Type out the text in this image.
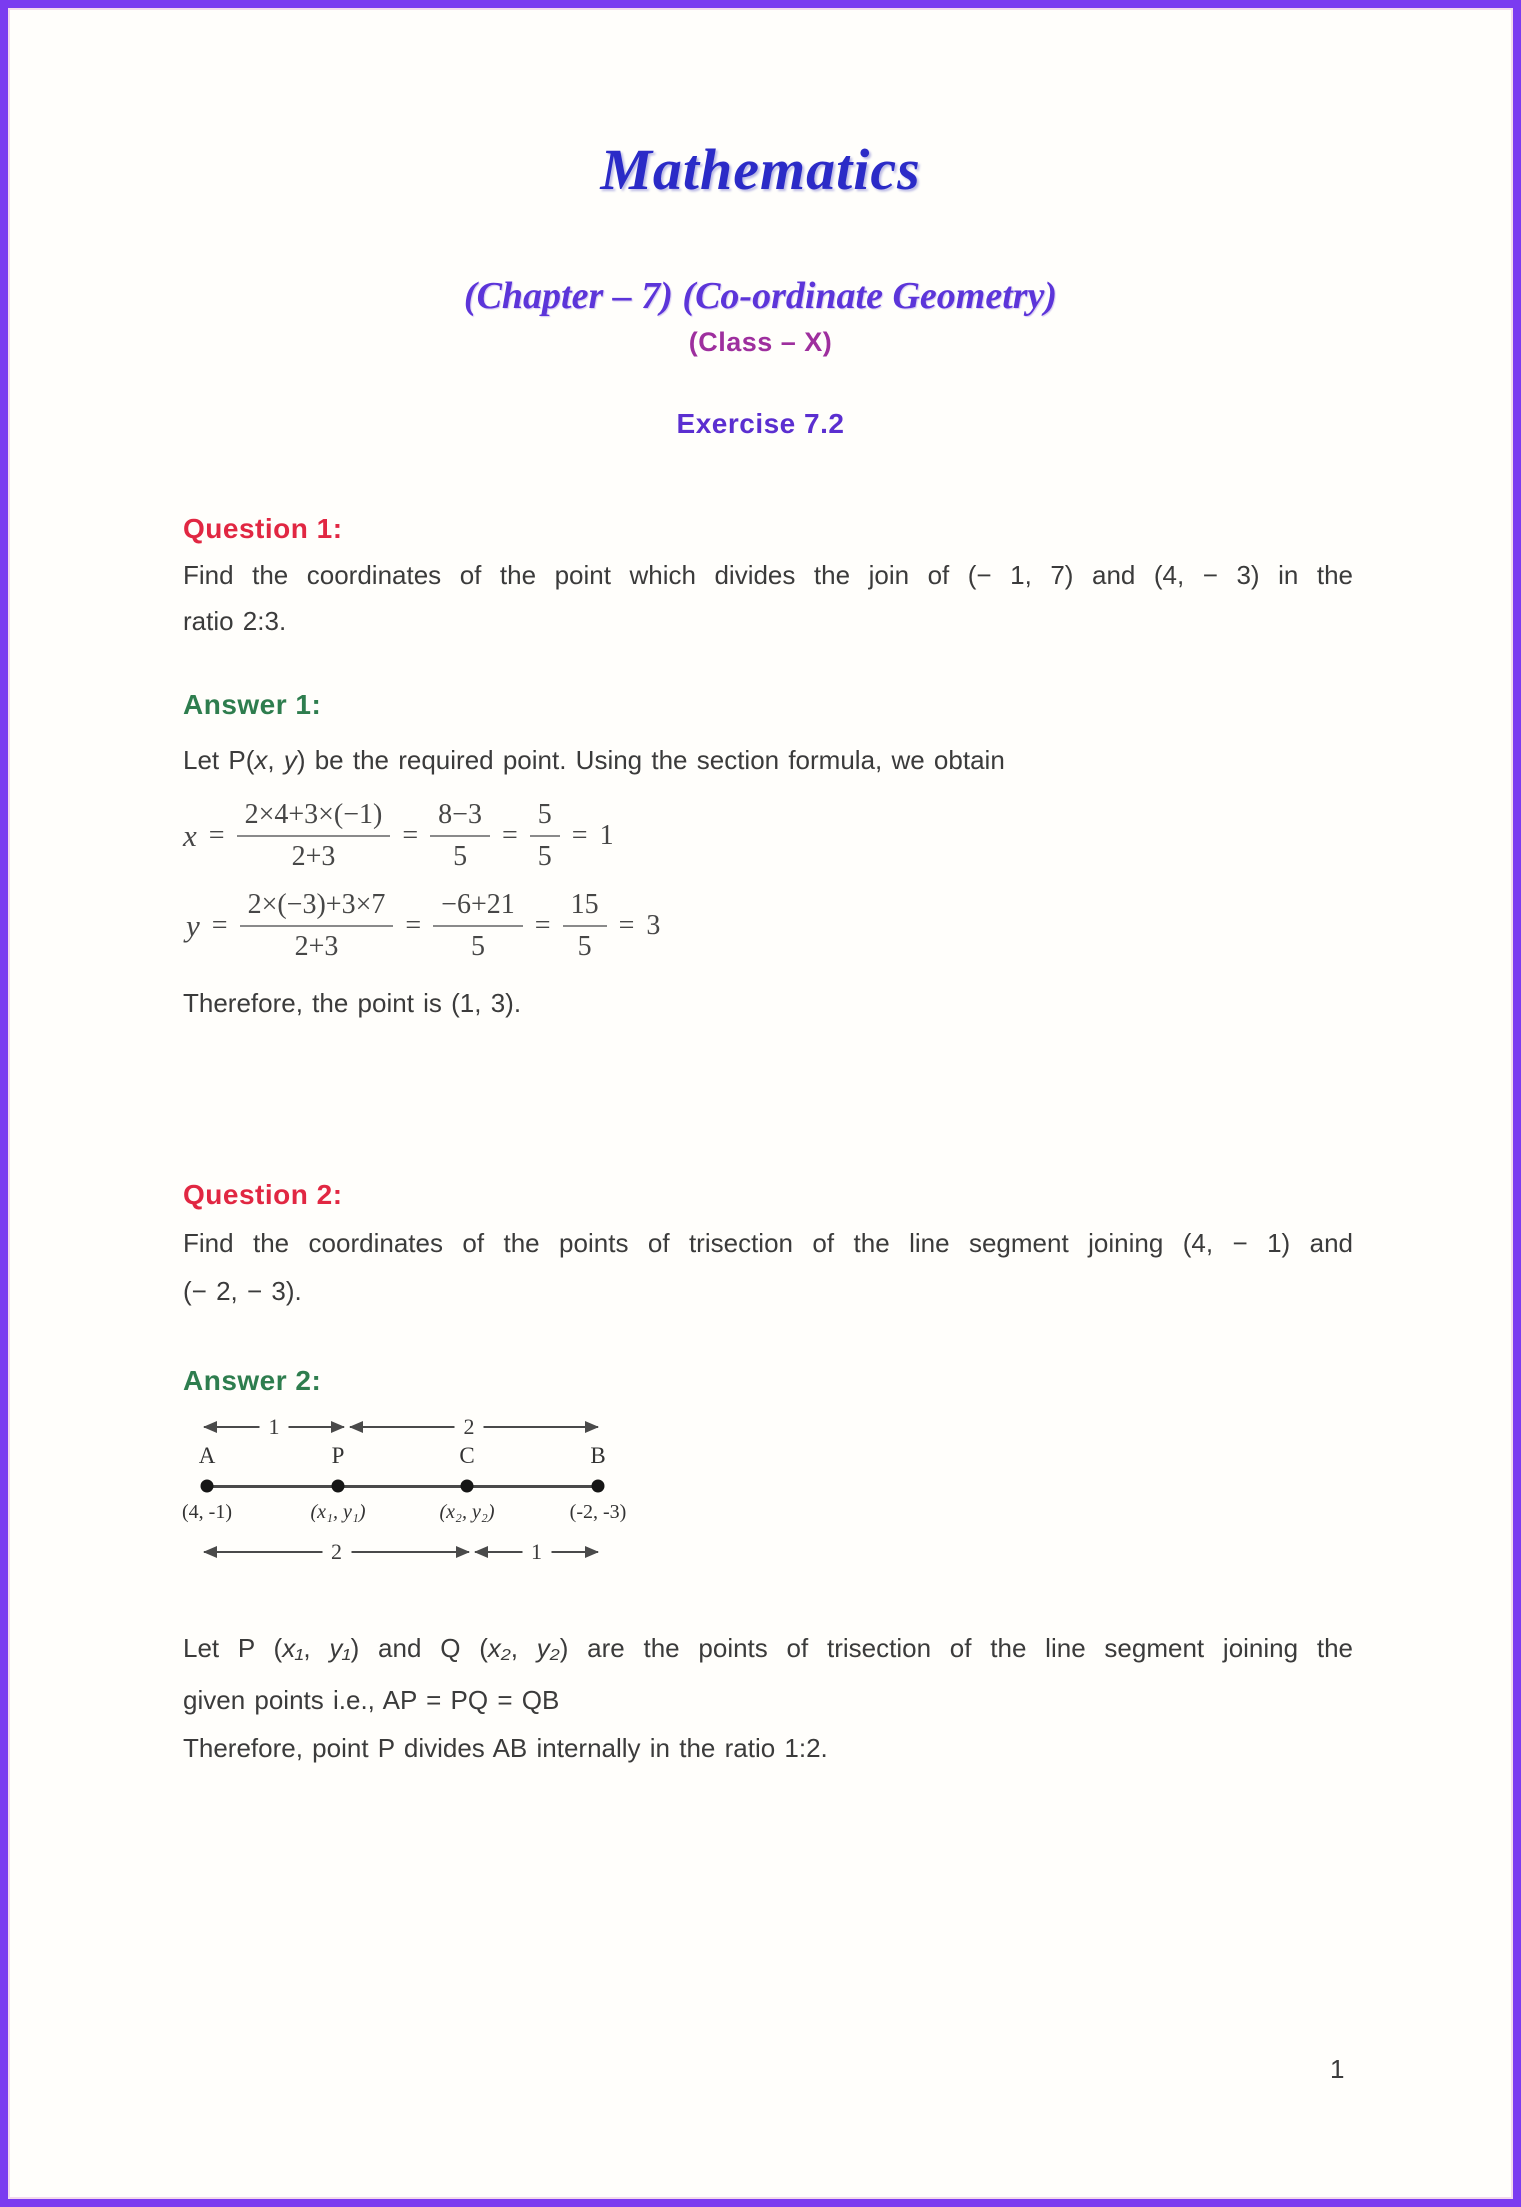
Mathematics
(Chapter – 7) (Co-ordinate Geometry)
(Class – X)
Exercise 7.2
Question 1:
Find the coordinates of the point which divides the join of (− 1, 7) and (4, − 3) in the
ratio 2:3.
Answer 1:
Let P(x, y) be the required point. Using the section formula, we obtain
$x = \frac{2\times 4+3\times(-1)}{2+3} = \frac{8-3}{5} = \frac{5}{5} = 1$
$y = \frac{2\times(-3)+3\times 7}{2+3} = \frac{-6+21}{5} = \frac{15}{5} = 3$
Therefore, the point is (1, 3).
Question 2:
Find the coordinates of the points of trisection of the line segment joining (4, − 1) and
(− 2, − 3).
Answer 2:
1	2
A	P	C	B
(4, -1)	(x₁, y₁)	(x₂, y₂)	(-2, -3)
2	1
Let P (x₁, y₁) and Q (x₂, y₂) are the points of trisection of the line segment joining the
given points i.e., AP = PQ = QB
Therefore, point P divides AB internally in the ratio 1:2.
1
